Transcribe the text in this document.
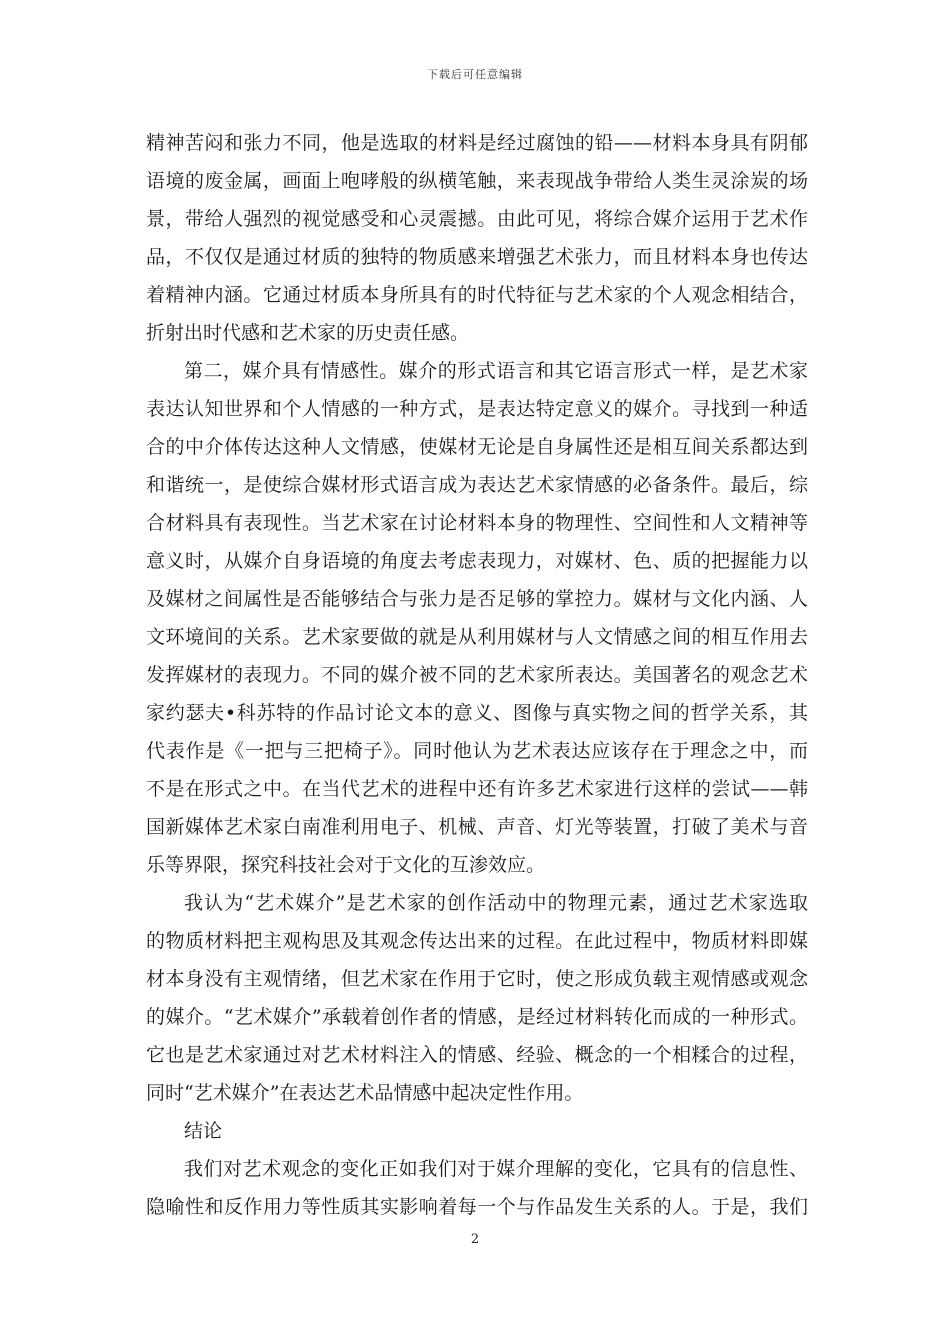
下载后可任意编辑
精神苦闷和张力不同，他是选取的材料是经过腐蚀的铅——材料本身具有阴郁
语境的废金属，画面上咆哮般的纵横笔触，来表现战争带给人类生灵涂炭的场
景，带给人强烈的视觉感受和心灵震撼。由此可见，将综合媒介运用于艺术作
品，不仅仅是通过材质的独特的物质感来增强艺术张力，而且材料本身也传达
着精神内涵。它通过材质本身所具有的时代特征与艺术家的个人观念相结合，
折射出时代感和艺术家的历史责任感。
第二，媒介具有情感性。媒介的形式语言和其它语言形式一样，是艺术家
表达认知世界和个人情感的一种方式，是表达特定意义的媒介。寻找到一种适
合的中介体传达这种人文情感，使媒材无论是自身属性还是相互间关系都达到
和谐统一，是使综合媒材形式语言成为表达艺术家情感的必备条件。最后，综
合材料具有表现性。当艺术家在讨论材料本身的物理性、空间性和人文精神等
意义时，从媒介自身语境的角度去考虑表现力，对媒材、色、质的把握能力以
及媒材之间属性是否能够结合与张力是否足够的掌控力。媒材与文化内涵、人
文环境间的关系。艺术家要做的就是从利用媒材与人文情感之间的相互作用去
发挥媒材的表现力。不同的媒介被不同的艺术家所表达。美国著名的观念艺术
家约瑟夫•科苏特的作品讨论文本的意义、图像与真实物之间的哲学关系，其
代表作是《一把与三把椅子》。同时他认为艺术表达应该存在于理念之中，而
不是在形式之中。在当代艺术的进程中还有许多艺术家进行这样的尝试——韩
国新媒体艺术家白南准利用电子、机械、声音、灯光等装置，打破了美术与音
乐等界限，探究科技社会对于文化的互渗效应。
我认为“艺术媒介”是艺术家的创作活动中的物理元素，通过艺术家选取
的物质材料把主观构思及其观念传达出来的过程。在此过程中，物质材料即媒
材本身没有主观情绪，但艺术家在作用于它时，使之形成负载主观情感或观念
的媒介。“艺术媒介”承载着创作者的情感，是经过材料转化而成的一种形式。
它也是艺术家通过对艺术材料注入的情感、经验、概念的一个相糅合的过程，
同时“艺术媒介”在表达艺术品情感中起决定性作用。
结论
我们对艺术观念的变化正如我们对于媒介理解的变化，它具有的信息性、
隐喻性和反作用力等性质其实影响着每一个与作品发生关系的人。于是，我们
2
